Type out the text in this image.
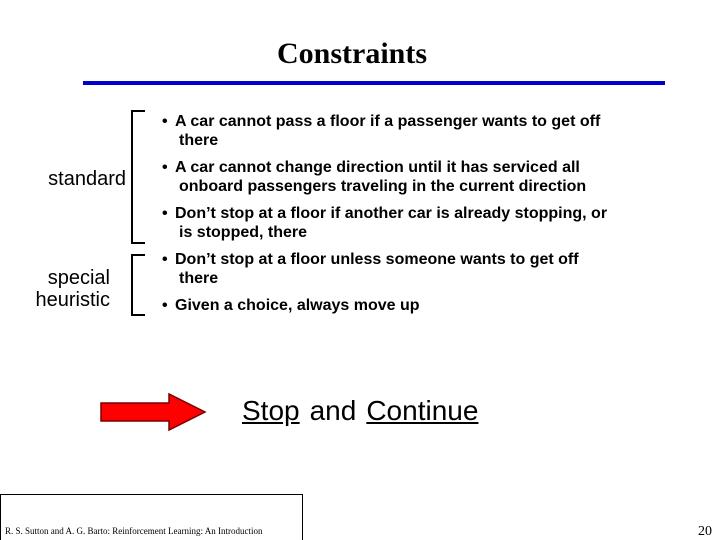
Constraints
standard
special
heuristic
• A car cannot pass a floor if a passenger wants to get off
there
• A car cannot change direction until it has serviced all
onboard passengers traveling in the current direction
• Don’t stop at a floor if another car is already stopping, or
is stopped, there
• Don’t stop at a floor unless someone wants to get off
there
• Given a choice, always move up
Stop and Continue
R. S. Sutton and A. G. Barto: Reinforcement Learning: An Introduction	20
